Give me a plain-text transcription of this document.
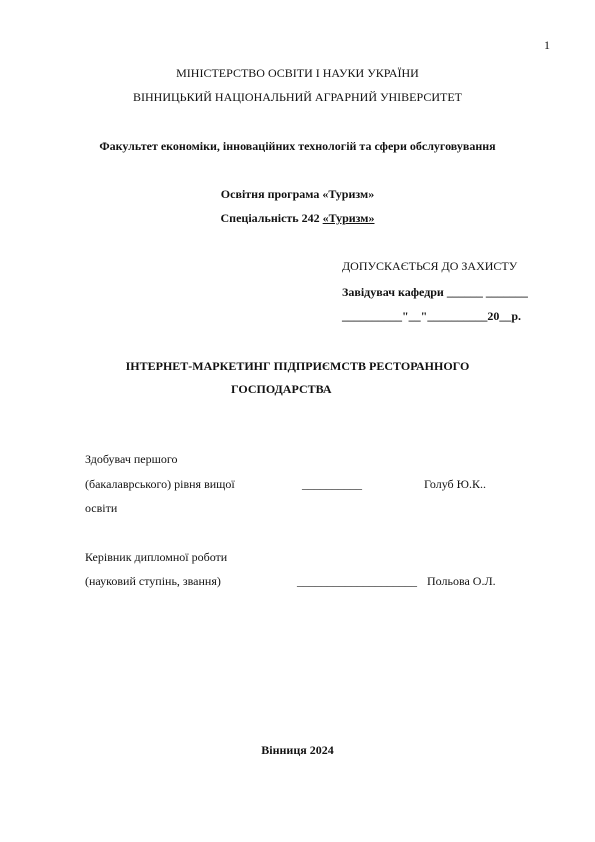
1
МІНІСТЕРСТВО ОСВІТИ І НАУКИ УКРАЇНИ
ВІННИЦЬКИЙ НАЦІОНАЛЬНИЙ АГРАРНИЙ УНІВЕРСИТЕТ
Факультет економіки, інноваційних технологій та сфери обслуговування
Освітня програма «Туризм»
Спеціальність 242 «Туризм»
ДОПУСКАЄТЬСЯ ДО ЗАХИСТУ
Завідувач кафедри ______ _______
__________"__"__________20__р.
ІНТЕРНЕТ-МАРКЕТИНГ ПІДПРИЄМСТВ РЕСТОРАННОГО
ГОСПОДАРСТВА
Здобувач першого
(бакалаврського) рівня вищої	__________	Голуб Ю.К..
освіти
Керівник дипломної роботи
(науковий ступінь, звання)	____________________ Польова О.Л.
Вінниця 2024
